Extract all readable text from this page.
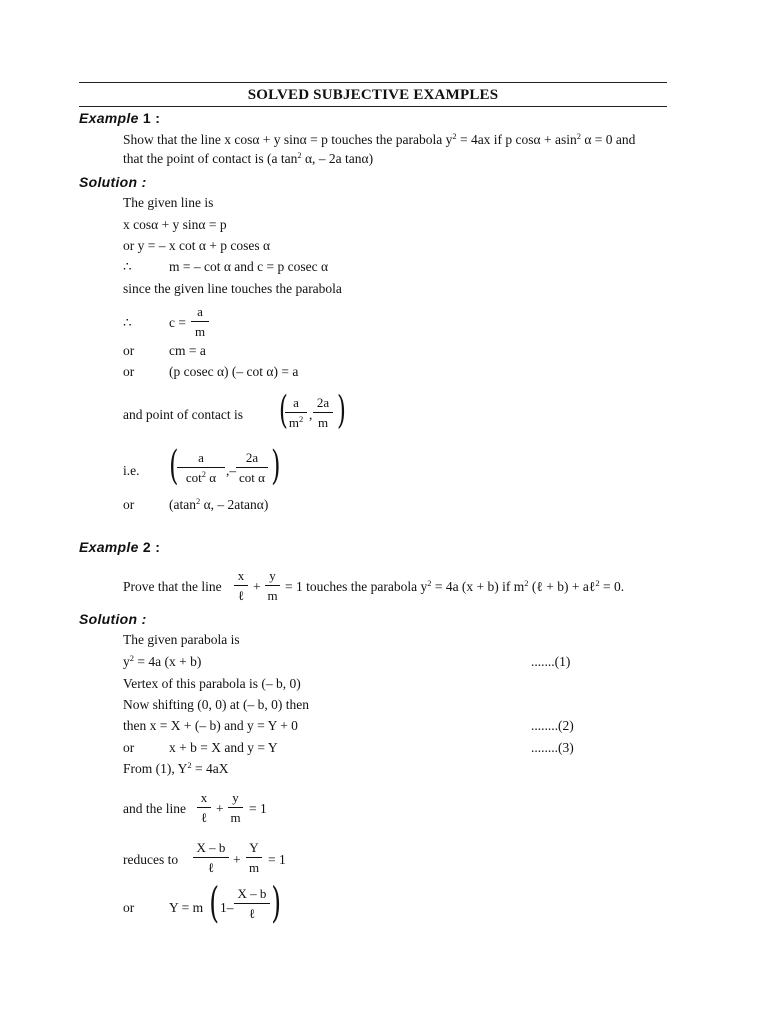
SOLVED SUBJECTIVE EXAMPLES
Example 1 :
Show that the line x cosα + y sinα = p touches the parabola $y^2 = 4ax$ if p cosα + asin$^2$ α = 0 and
that the point of contact is (a $\tan^2 \alpha$, – 2a tanα)
Solution :
The given line is
x cosα + y sinα = p
or y = – x cot α + p coses α
∴	m = – cot α and c = p cosec α
since the given line touches the parabola
∴	$c = \frac{a}{m}$
or	cm = a
or	(p cosec α) (– cot α) = a
and point of contact is (
$\frac{a}{m^2}$ , $\frac{2a}{m}$ )
i.e. (
$\frac{a}{\cot^2 \alpha}$ ,– $\frac{2a}{\text{cot α}}$ )
or	(atan$^2$ α, – 2atanα)
Example 2 :
Prove that the line
x
ℓ
+ $\frac{y}{m} = 1$ touches the parabola $y^2 = 4a$ (x + b) if $m^2$ (ℓ + b) + aℓ$^2$ = 0.
Solution :
The given parabola is
$y^2 = 4a$ (x + b)	.......(1)
Vertex of this parabola is (– b, 0)
Now shifting (0, 0) at (– b, 0) then
then x = X + (– b) and y = Y + 0	........(2)
or	x + b = X and y = Y	........(3)
From (1), $Y^2 = 4aX$
and the line
x
ℓ
+ $\frac{y}{m} = 1$
reduces to
X – b
ℓ
+ $\frac{Y}{m} = 1$
or	Y = m ( 1–
X – b
ℓ )
